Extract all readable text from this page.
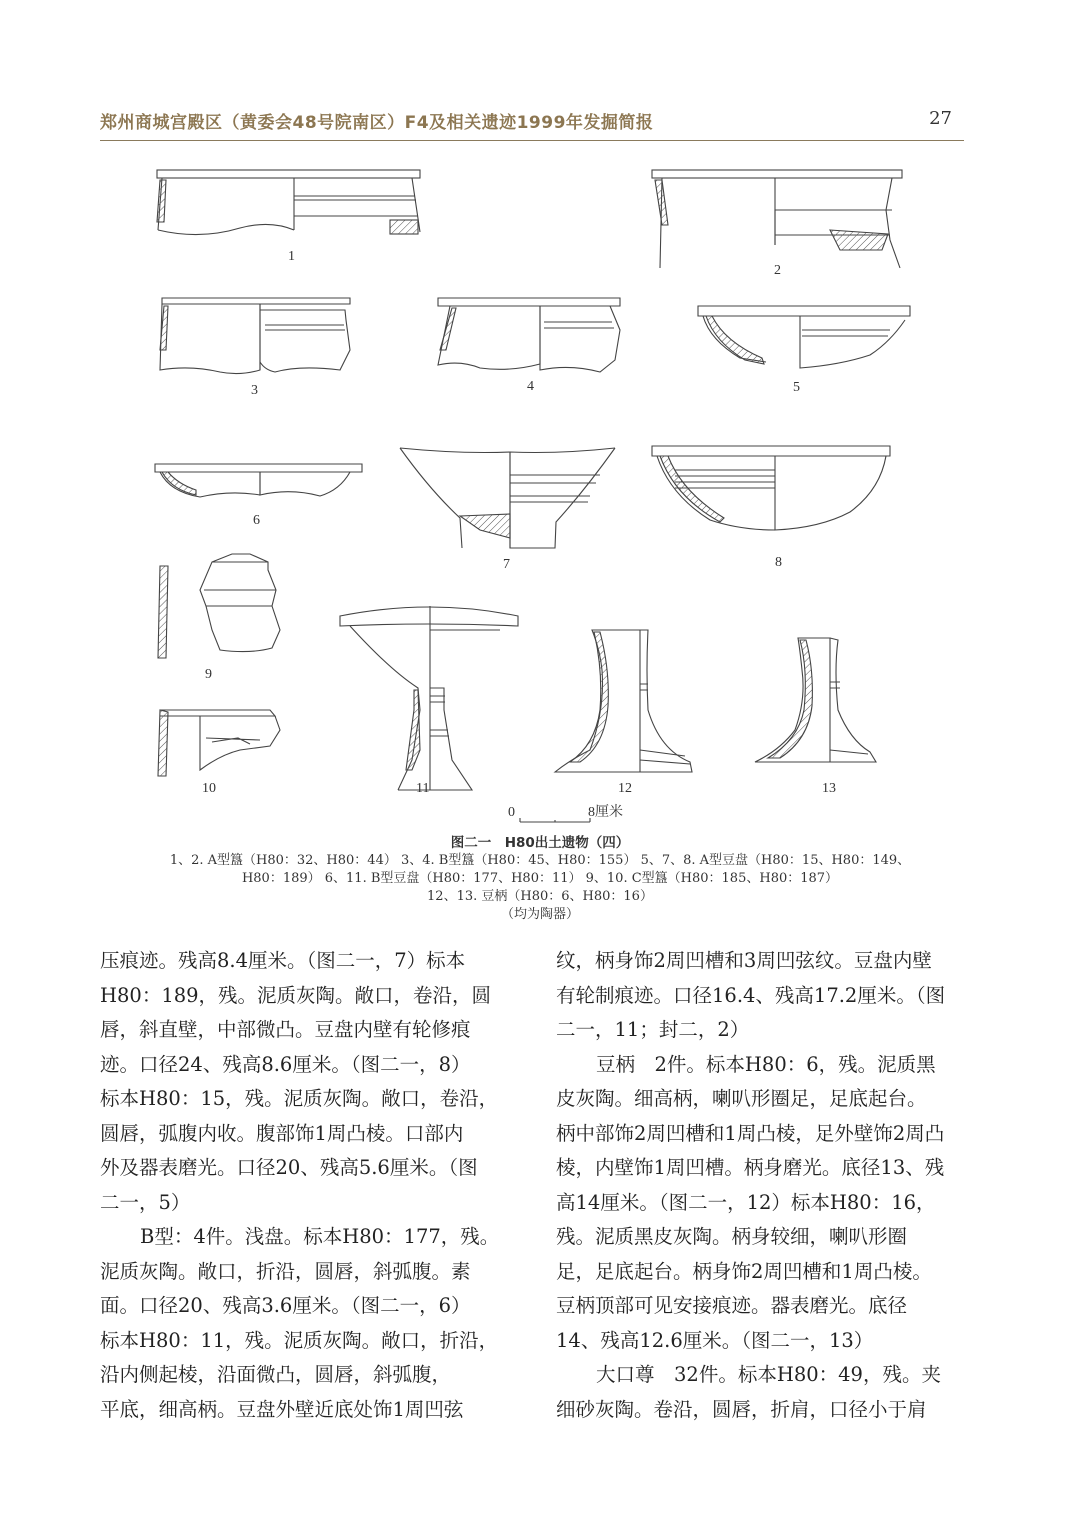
郑州商城宫殿区（黄委会48号院南区）F4及相关遗迹1999年发掘简报	27
1
2
3	4	5
6
7	8
9
10	11	12	13
0	8厘米
图二一　H80出土遗物（四）
1、2. A型簋（H80：32、H80：44） 3、4. B型簋（H80：45、H80：155） 5、7、8. A型豆盘（H80：15、H80：149、
H80：189） 6、11. B型豆盘（H80：177、H80：11） 9、10. C型簋（H80：185、H80：187）
12、13. 豆柄（H80：6、H80：16）
（均为陶器）
压痕迹。残高8.4厘米。（图二一，7）标本
H80：189，残。泥质灰陶。敞口，卷沿，圆
唇，斜直壁，中部微凸。豆盘内壁有轮修痕
迹。口径24、残高8.6厘米。（图二一，8）
标本H80：15，残。泥质灰陶。敞口，卷沿，
圆唇，弧腹内收。腹部饰1周凸棱。口部内
外及器表磨光。口径20、残高5.6厘米。（图
二一，5）
B型：4件。浅盘。标本H80：177，残。
泥质灰陶。敞口，折沿，圆唇，斜弧腹。素
面。口径20、残高3.6厘米。（图二一，6）
标本H80：11，残。泥质灰陶。敞口，折沿，
沿内侧起棱，沿面微凸，圆唇，斜弧腹，
平底，细高柄。豆盘外壁近底处饰1周凹弦
纹，柄身饰2周凹槽和3周凹弦纹。豆盘内壁
有轮制痕迹。口径16.4、残高17.2厘米。（图
二一，11；封二，2）
豆柄　2件。标本H80：6，残。泥质黑
皮灰陶。细高柄，喇叭形圈足，足底起台。
柄中部饰2周凹槽和1周凸棱，足外壁饰2周凸
棱，内壁饰1周凹槽。柄身磨光。底径13、残
高14厘米。（图二一，12）标本H80：16，
残。泥质黑皮灰陶。柄身较细，喇叭形圈
足，足底起台。柄身饰2周凹槽和1周凸棱。
豆柄顶部可见安接痕迹。器表磨光。底径
14、残高12.6厘米。（图二一，13）
大口尊　32件。标本H80：49，残。夹
细砂灰陶。卷沿，圆唇，折肩，口径小于肩
